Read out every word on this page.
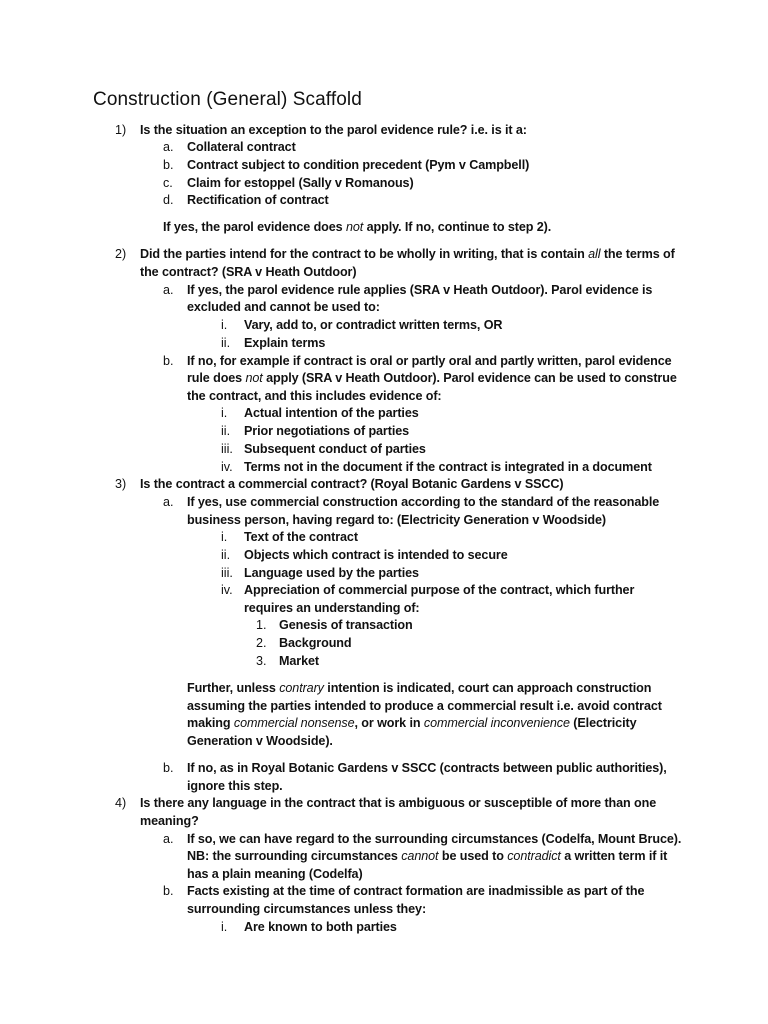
Construction (General) Scaffold
1) Is the situation an exception to the parol evidence rule? i.e. is it a:
a. Collateral contract
b. Contract subject to condition precedent (Pym v Campbell)
c. Claim for estoppel (Sally v Romanous)
d. Rectification of contract
If yes, the parol evidence does not apply. If no, continue to step 2).
2) Did the parties intend for the contract to be wholly in writing, that is contain all the terms of
the contract? (SRA v Heath Outdoor)
a. If yes, the parol evidence rule applies (SRA v Heath Outdoor). Parol evidence is
excluded and cannot be used to:
i. Vary, add to, or contradict written terms, OR
ii. Explain terms
b. If no, for example if contract is oral or partly oral and partly written, parol evidence
rule does not apply (SRA v Heath Outdoor). Parol evidence can be used to construe
the contract, and this includes evidence of:
i. Actual intention of the parties
ii. Prior negotiations of parties
iii. Subsequent conduct of parties
iv. Terms not in the document if the contract is integrated in a document
3) Is the contract a commercial contract? (Royal Botanic Gardens v SSCC)
a. If yes, use commercial construction according to the standard of the reasonable
business person, having regard to: (Electricity Generation v Woodside)
i. Text of the contract
ii. Objects which contract is intended to secure
iii. Language used by the parties
iv. Appreciation of commercial purpose of the contract, which further
requires an understanding of:
1. Genesis of transaction
2. Background
3. Market
Further, unless contrary intention is indicated, court can approach construction
assuming the parties intended to produce a commercial result i.e. avoid contract
making commercial nonsense, or work in commercial inconvenience (Electricity
Generation v Woodside).
b. If no, as in Royal Botanic Gardens v SSCC (contracts between public authorities),
ignore this step.
4) Is there any language in the contract that is ambiguous or susceptible of more than one
meaning?
a. If so, we can have regard to the surrounding circumstances (Codelfa, Mount Bruce).
NB: the surrounding circumstances cannot be used to contradict a written term if it
has a plain meaning (Codelfa)
b. Facts existing at the time of contract formation are inadmissible as part of the
surrounding circumstances unless they:
i. Are known to both parties
